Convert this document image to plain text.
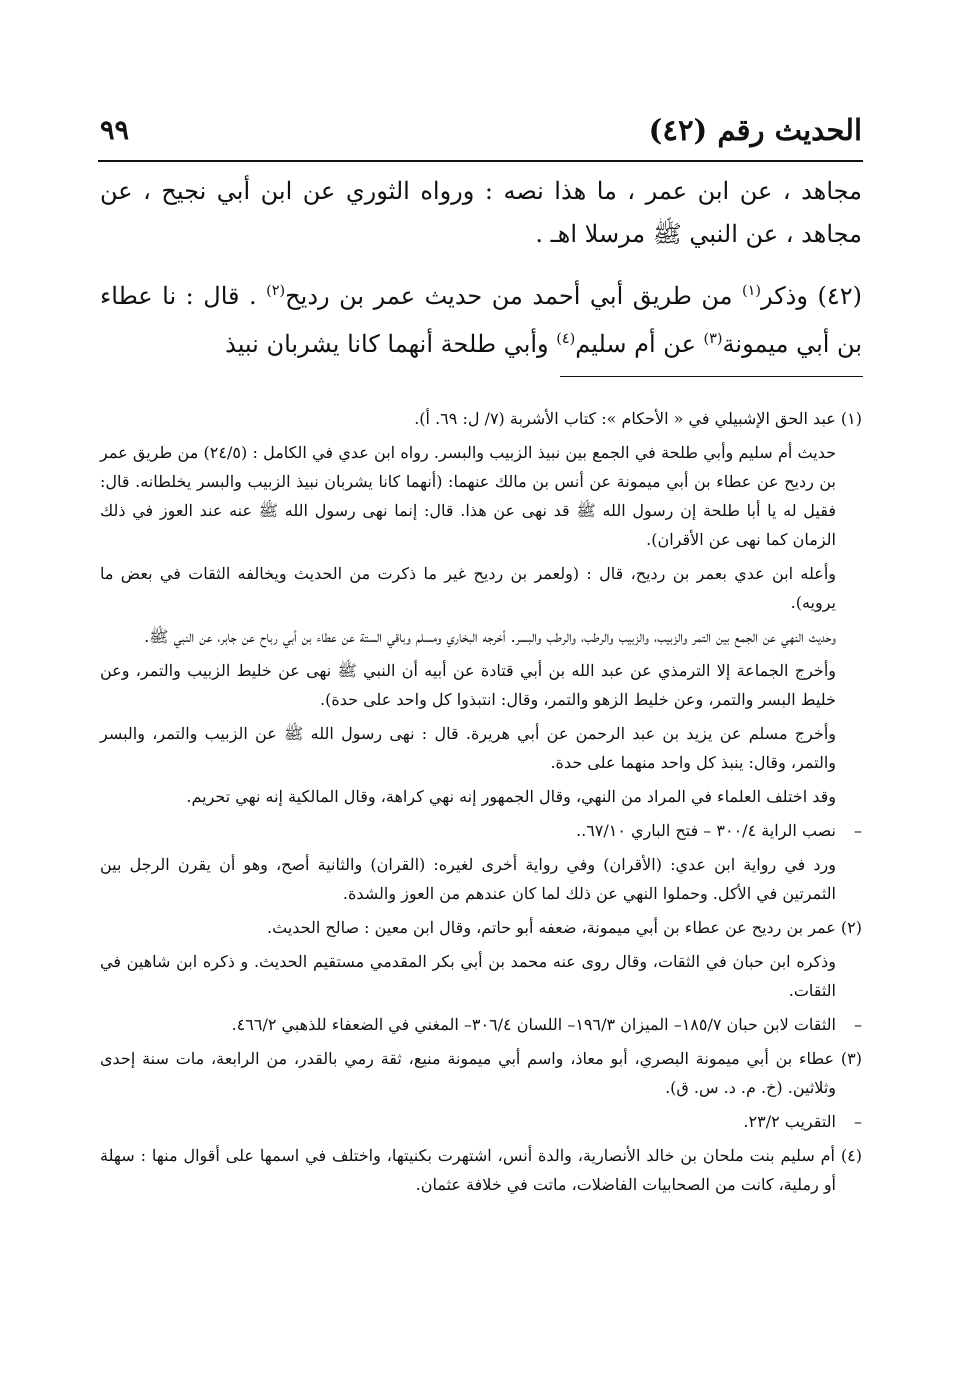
الحديث رقم (٤٢)
٩٩

مجاهد ، عن ابن عمر ، ما هذا نصه : ورواه الثوري عن ابن أبي نجيح ، عن مجاهد ، عن النبي ﷺ مرسلا اهـ .

(٤٢) وذكر$^{(١)}$ من طريق أبي أحمد من حديث عمر بن رديح$^{(٢)}$ . قال : نا عطاء بن أبي ميمونة$^{(٣)}$ عن أم سليم$^{(٤)}$ وأبي طلحة أنهما كانا يشربان نبيذ

(١) عبد الحق الإشبيلي في « الأحكام »: كتاب الأشربة (٧/ ل: ٦٩. أ).

حديث أم سليم وأبي طلحة في الجمع بين نبيذ الزبيب والبسر. رواه ابن عدي في الكامل : (٢٤/٥) من طريق عمر بن رديح عن عطاء بن أبي ميمونة عن أنس بن مالك عنهما: (أنهما كانا يشربان نبيذ الزبيب والبسر يخلطانه. قال: فقيل له يا أبا طلحة إن رسول الله ﷺ قد نهى عن هذا. قال: إنما نهى رسول الله ﷺ عنه عند العوز في ذلك الزمان كما نهى عن الأقران).

وأعله ابن عدي بعمر بن رديح، قال : (ولعمر بن رديح غير ما ذكرت من الحديث ويخالفه الثقات في بعض ما يرويه).

وحديث النهي عن الجمع بين التمر والزبيب، والزبيب والرطب، والرطب والبسر. أخرجه البخاري ومسلم وباقي الستة عن عطاء بن أبي رباح عن جابر، عن النبي ﷺ.

وأخرج الجماعة إلا الترمذي عن عبد الله بن أبي قتادة عن أبيه أن النبي ﷺ نهى عن خليط الزبيب والتمر، وعن خليط البسر والتمر، وعن خليط الزهو والتمر، وقال: انتبذوا كل واحد على حدة).

وأخرج مسلم عن يزيد بن عبد الرحمن عن أبي هريرة. قال : نهى رسول الله ﷺ عن الزبيب والتمر، والبسر والتمر، وقال: ينبذ كل واحد منهما على حدة.

وقد اختلف العلماء في المراد من النهي، وقال الجمهور إنه نهي كراهة، وقال المالكية إنه نهي تحريم.

– نصب الراية ٣٠٠/٤ – فتح الباري ٦٧/١٠..

ورد في رواية ابن عدي: (الأقران) وفي رواية أخرى لغيره: (القران) والثانية أصح، وهو أن يقرن الرجل بين الثمرتين في الأكل. وحملوا النهي عن ذلك لما كان عندهم من العوز والشدة.

(٢) عمر بن رديح عن عطاء بن أبي ميمونة، ضعفه أبو حاتم، وقال ابن معين : صالح الحديث.

وذكره ابن حبان في الثقات، وقال روى عنه محمد بن أبي بكر المقدمي مستقيم الحديث. و ذكره ابن شاهين في الثقات.

– الثقات لابن حبان ١٨٥/٧– الميزان ١٩٦/٣– اللسان ٣٠٦/٤– المغني في الضعفاء للذهبي ٤٦٦/٢.

(٣) عطاء بن أبي ميمونة البصري، أبو معاذ، واسم أبي ميمونة منيع، ثقة رمي بالقدر، من الرابعة، مات سنة إحدى وثلاثين. (خ. م. د. س. ق).

– التقريب ٢٣/٢.

(٤) أم سليم بنت ملحان بن خالد الأنصارية، والدة أنس، اشتهرت بكنيتها، واختلف في اسمها على أقوال منها : سهلة أو رملية، كانت من الصحابيات الفاضلات، ماتت في خلافة عثمان.
